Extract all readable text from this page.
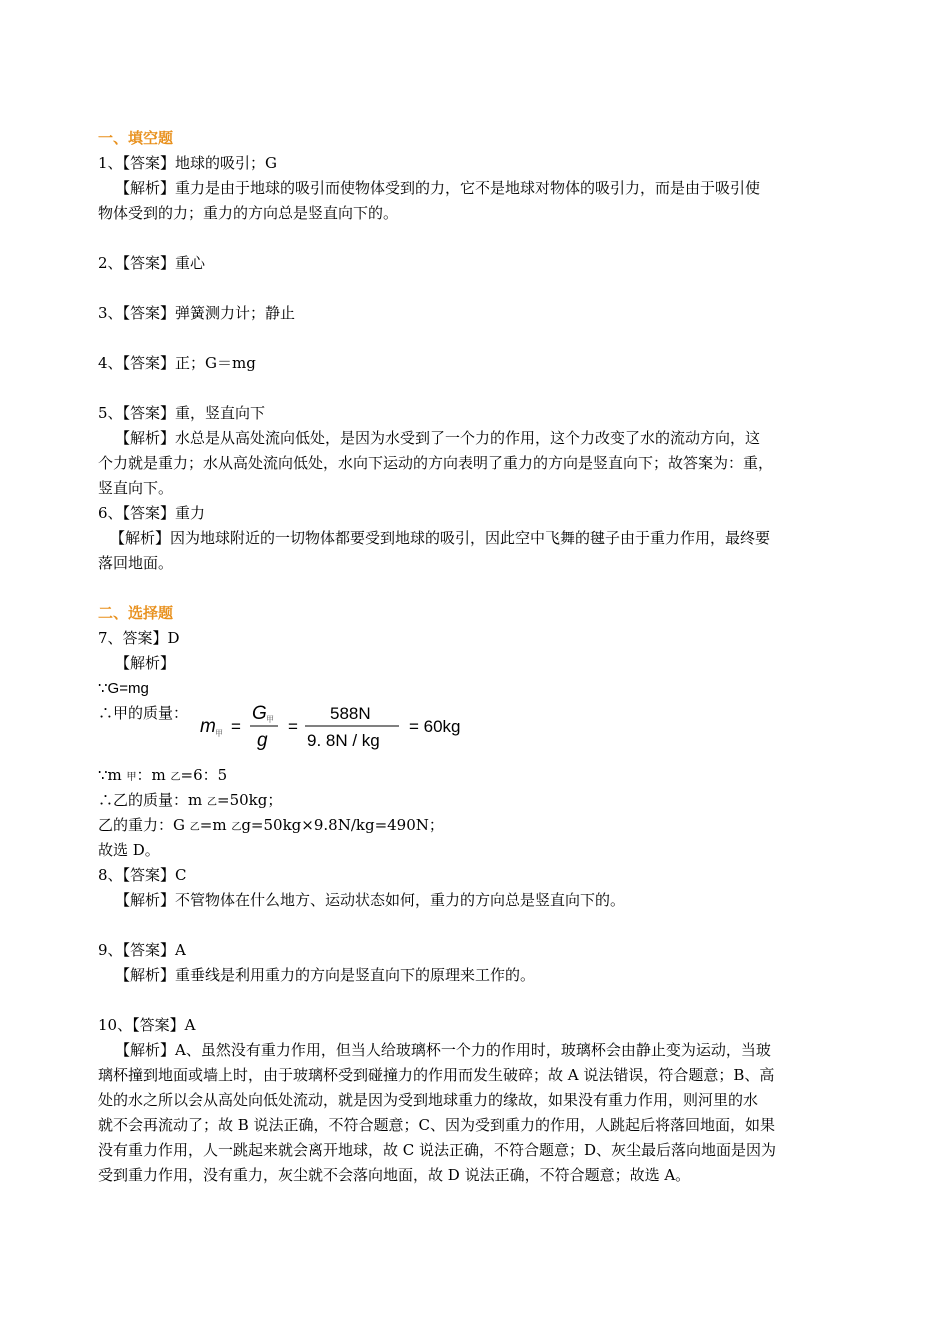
一、填空题
1、【答案】地球的吸引；G
【解析】重力是由于地球的吸引而使物体受到的力，它不是地球对物体的吸引力，而是由于吸引使
物体受到的力；重力的方向总是竖直向下的。
2、【答案】重心
3、【答案】弹簧测力计；静止
4、【答案】正；G＝mg
5、【答案】重，竖直向下
【解析】水总是从高处流向低处，是因为水受到了一个力的作用，这个力改变了水的流动方向，这
个力就是重力；水从高处流向低处，水向下运动的方向表明了重力的方向是竖直向下；故答案为：重，
竖直向下。
6、【答案】重力
【解析】因为地球附近的一切物体都要受到地球的吸引，因此空中飞舞的毽子由于重力作用，最终要
落回地面。
二、选择题
7、答案】D
【解析】
∵G=mg
∴甲的质量：
m 甲 =
G 甲
g
=
588N
9. 8N / kg
= 60kg
∵m 甲：m 乙=6：5
∴乙的质量：m 乙=50kg；
乙的重力：G 乙=m 乙g=50kg×9.8N/kg=490N；
故选 D。
8、【答案】C
【解析】不管物体在什么地方、运动状态如何，重力的方向总是竖直向下的。
9、【答案】A
【解析】重垂线是利用重力的方向是竖直向下的原理来工作的。
10、【答案】A
【解析】A、虽然没有重力作用，但当人给玻璃杯一个力的作用时，玻璃杯会由静止变为运动，当玻
璃杯撞到地面或墙上时，由于玻璃杯受到碰撞力的作用而发生破碎；故 A 说法错误，符合题意；B、高
处的水之所以会从高处向低处流动，就是因为受到地球重力的缘故，如果没有重力作用，则河里的水
就不会再流动了；故 B 说法正确，不符合题意；C、因为受到重力的作用，人跳起后将落回地面，如果
没有重力作用，人一跳起来就会离开地球，故 C 说法正确，不符合题意；D、灰尘最后落向地面是因为
受到重力作用，没有重力，灰尘就不会落向地面，故 D 说法正确，不符合题意；故选 A。
